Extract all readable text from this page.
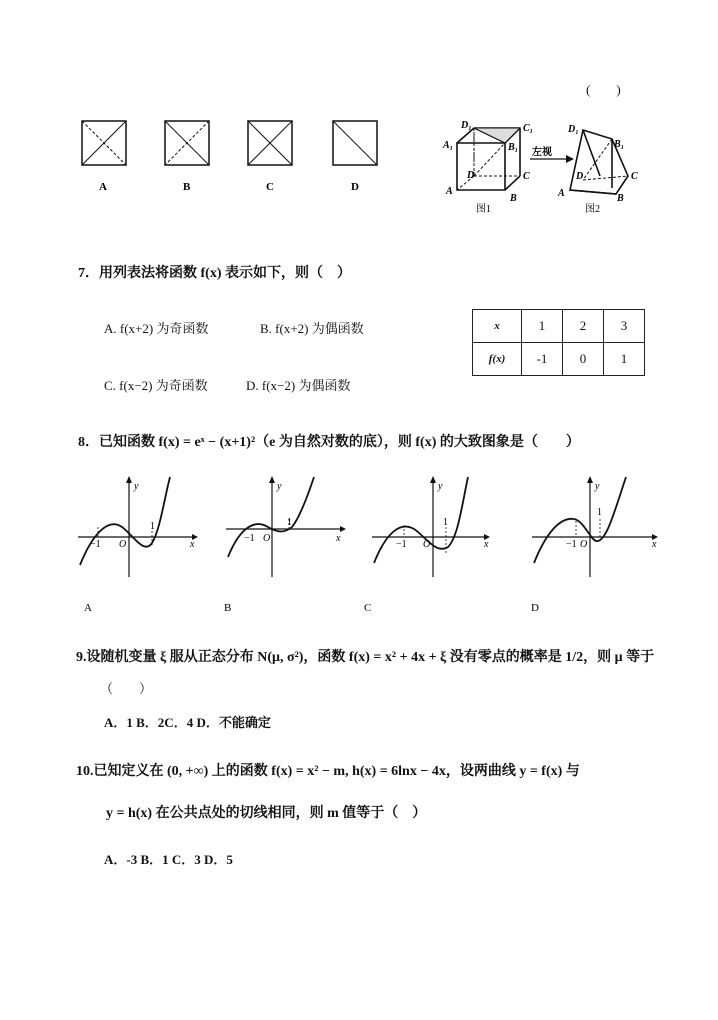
(　　)
A	B	C	D
D₁	C₁
A₁	B₁
D	C
A
B
图1
左视
D₁
B₁
D	C
A	B
图2
7．用列表法将函数 f(x) 表示如下，则（　）
A. f(x+2) 为奇函数	B. f(x+2) 为偶函数
C. f(x−2) 为奇函数	D. f(x−2) 为偶函数
x	1	2	3
f(x)	-1	0	1
8．已知函数 f(x) = eˣ − (x+1)²（e 为自然对数的底），则 f(x) 的大致图象是（　　）
y
x
O
−1
1
y
x
O
−1
1
y
x
O
−1
1
y
x
O
−1
1
A	B	C	D
9.设随机变量 ξ 服从正态分布 N(μ, σ²)，函数 f(x) = x² + 4x + ξ 没有零点的概率是 1/2，则 μ 等于
（　　）
A．1 B．2C．4 D．不能确定
10.已知定义在 (0, +∞) 上的函数 f(x) = x² − m, h(x) = 6lnx − 4x，设两曲线 y = f(x) 与
y = h(x) 在公共点处的切线相同，则 m 值等于（　）
A．-3 B．1 C．3 D．5
